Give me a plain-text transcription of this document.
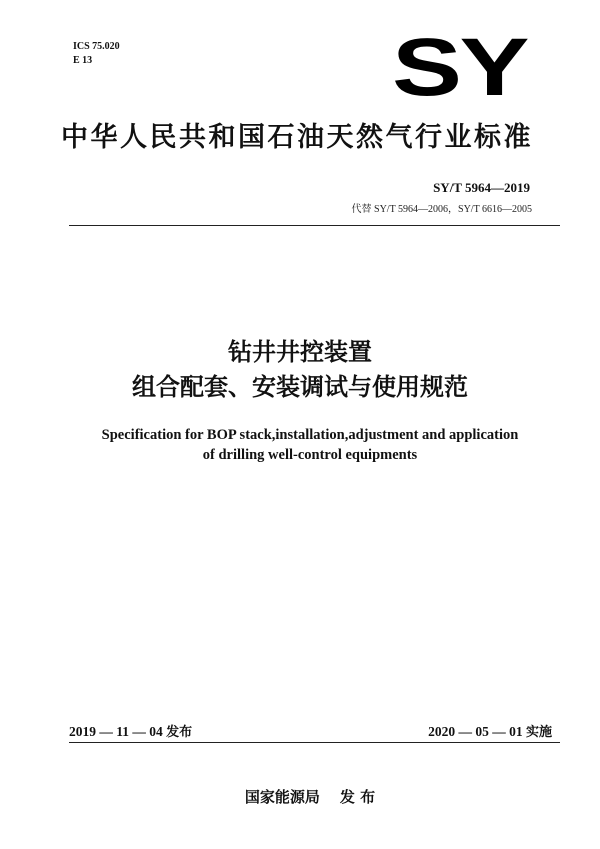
ICS 75.020
E 13	SY
中华人民共和国石油天然气行业标准
SY/T 5964—2019
代替 SY/T 5964—2006，SY/T 6616—2005
钻井井控装置
组合配套、安装调试与使用规范
Specification for BOP stack,installation,adjustment and application
of drilling well-control equipments
2019 — 11 — 04 发布	2020 — 05 — 01 实施
国家能源局 发 布
